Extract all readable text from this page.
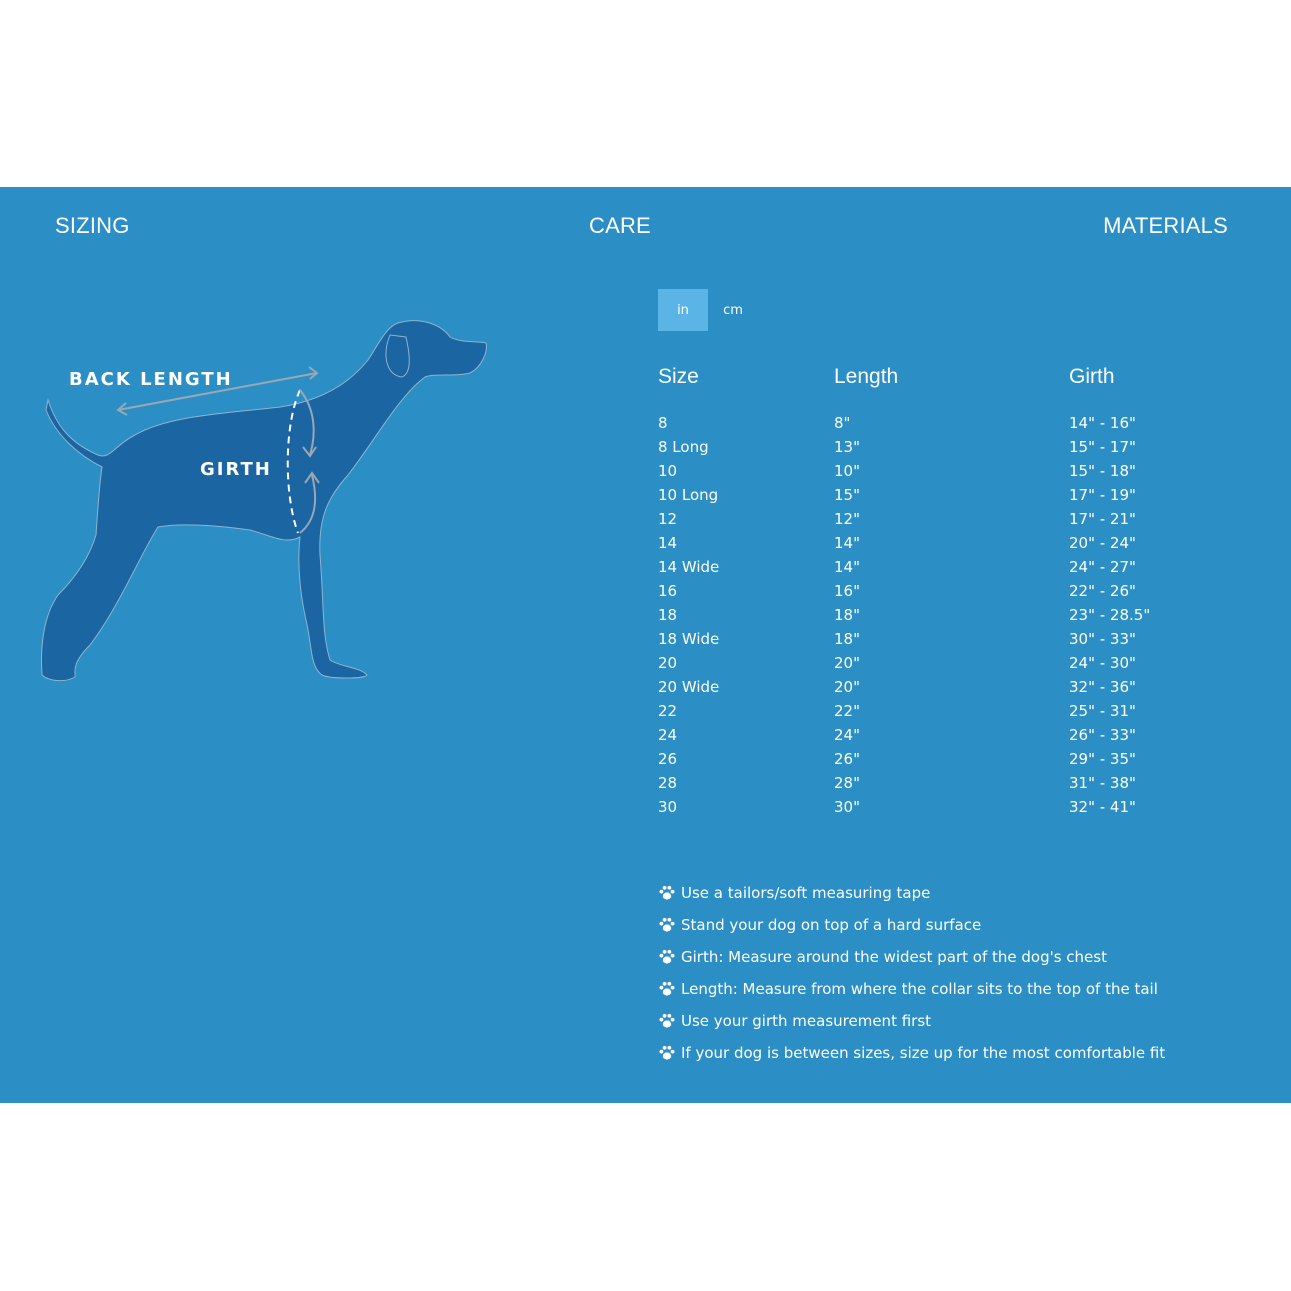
SIZING	CARE	MATERIALS
BACK LENGTH
GIRTH
in	cm
Size	Length	Girth
8	8"	14" - 16"
8 Long	13"	15" - 17"
10	10"	15" - 18"
10 Long	15"	17" - 19"
12	12"	17" - 21"
14	14"	20" - 24"
14 Wide	14"	24" - 27"
16	16"	22" - 26"
18	18"	23" - 28.5"
18 Wide	18"	30" - 33"
20	20"	24" - 30"
20 Wide	20"	32" - 36"
22	22"	25" - 31"
24	24"	26" - 33"
26	26"	29" - 35"
28	28"	31" - 38"
30	30"	32" - 41"
Use a tailors/soft measuring tape
Stand your dog on top of a hard surface
Girth: Measure around the widest part of the dog's chest
Length: Measure from where the collar sits to the top of the tail
Use your girth measurement first
If your dog is between sizes, size up for the most comfortable fit
